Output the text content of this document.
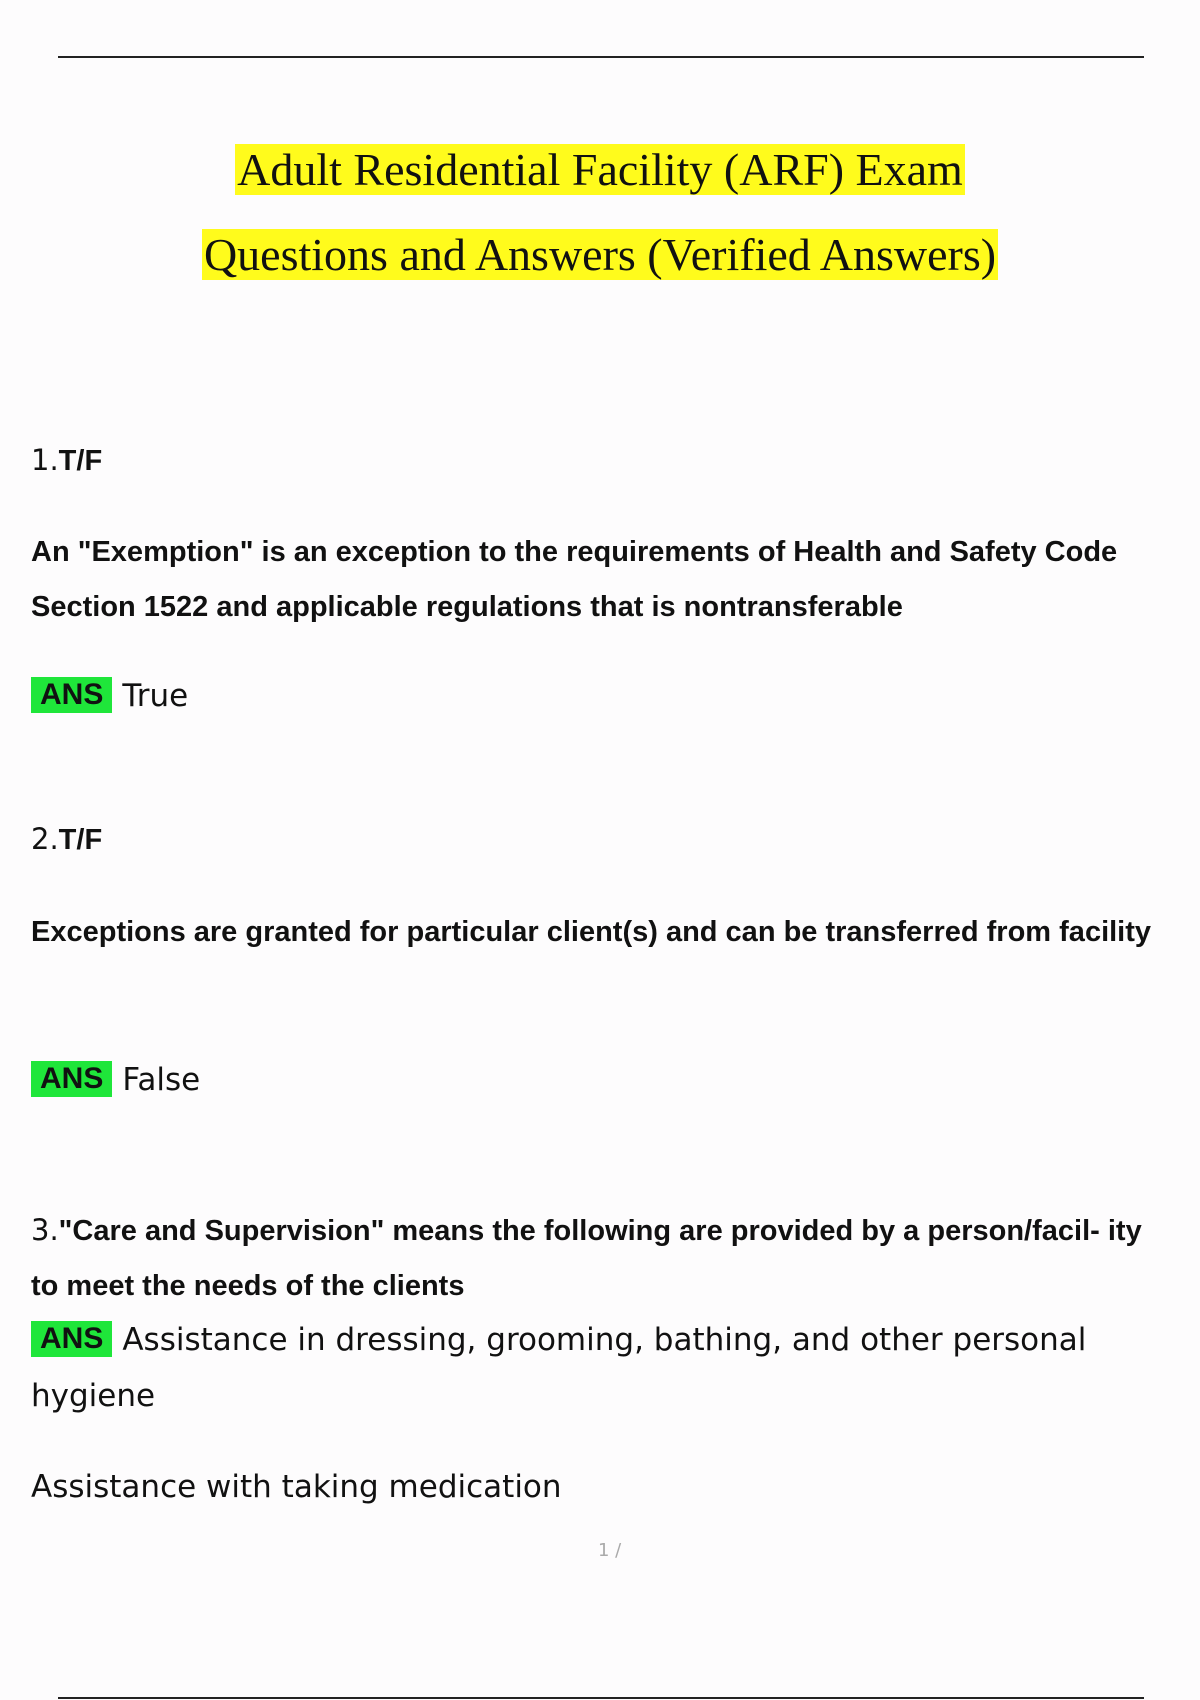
Adult Residential Facility (ARF) Exam
Questions and Answers (Verified Answers)
1.T/F
An "Exemption" is an exception to the requirements of Health and Safety Code Section 1522 and applicable regulations that is nontransferable
ANS True
2.T/F
Exceptions are granted for particular client(s) and can be transferred from facility
ANS False
3."Care and Supervision" means the following are provided by a person/facil- ity to meet the needs of the clients
ANS Assistance in dressing, grooming, bathing, and other personal hygiene
Assistance with taking medication
1 /
